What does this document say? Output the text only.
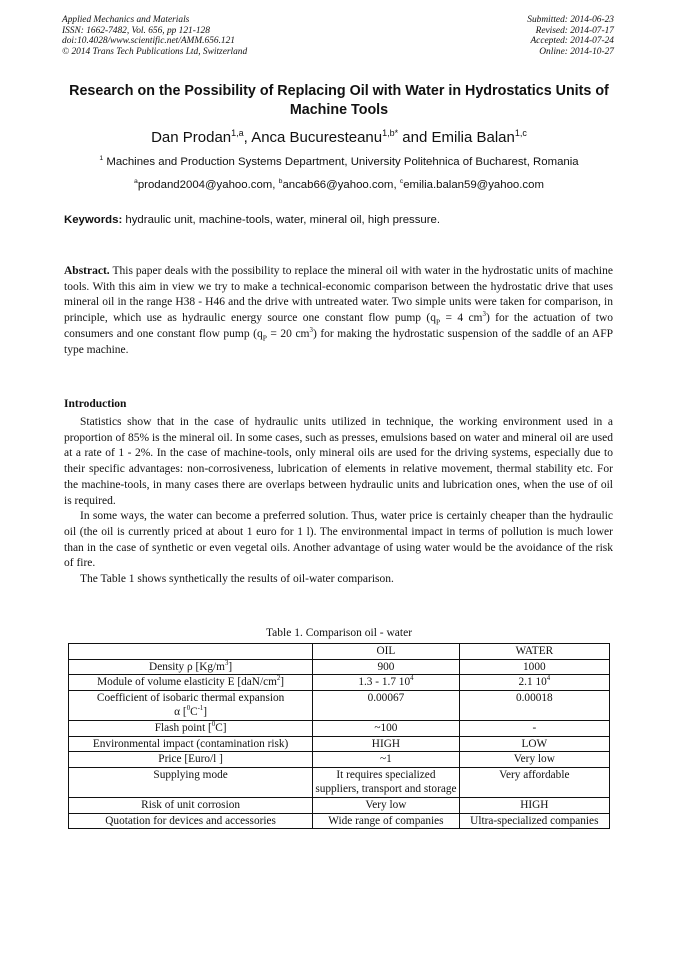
Applied Mechanics and Materials
ISSN: 1662-7482, Vol. 656, pp 121-128
doi:10.4028/www.scientific.net/AMM.656.121
© 2014 Trans Tech Publications Ltd, Switzerland
Submitted: 2014-06-23
Revised: 2014-07-17
Accepted: 2014-07-24
Online: 2014-10-27
Research on the Possibility of Replacing Oil with Water in Hydrostatics Units of Machine Tools
Dan Prodan$^{1,a}$, Anca Bucuresteanu$^{1,b*}$ and Emilia Balan$^{1,c}$
$^1$ Machines and Production Systems Department, University Politehnica of Bucharest, Romania
$^a$prodand2004@yahoo.com, $^b$ancab66@yahoo.com, $^c$emilia.balan59@yahoo.com
Keywords: hydraulic unit, machine-tools, water, mineral oil, high pressure.
Abstract. This paper deals with the possibility to replace the mineral oil with water in the hydrostatic units of machine tools. With this aim in view we try to make a technical-economic comparison between the hydrostatic drive that uses mineral oil in the range H38 - H46 and the drive with untreated water. Two simple units were taken for comparison, in principle, which use as hydraulic energy source one constant flow pump ($q_P = 4$ $cm^3$) for the actuation of two consumers and one constant flow pump ($q_P = 20$ $cm^3$) for making the hydrostatic suspension of the saddle of an AFP type machine.
Introduction

Statistics show that in the case of hydraulic units utilized in technique, the working environment used in a proportion of 85% is the mineral oil. In some cases, such as presses, emulsions based on water and mineral oil are used at a rate of 1 - 2%. In the case of machine-tools, only mineral oils are used for the driving systems, especially due to their specific advantages: non-corrosiveness, lubrication of elements in relative movement, thermal stability etc. For the machine-tools, in many cases there are overlaps between hydraulic units and lubrication ones, when the use of oil is required.

In some ways, the water can become a preferred solution. Thus, water price is certainly cheaper than the hydraulic oil (the oil is currently priced at about 1 euro for 1 l). The environmental impact in terms of pollution is much lower than in the case of synthetic or even vegetal oils. Another advantage of using water would be the avoidance of the risk of fire.

The Table 1 shows synthetically the results of oil-water comparison.

Table 1. Comparison oil - water
	OIL	WATER
Density ρ $[Kg/m^3]$	900	1000
Module of volume elasticity E $[daN/cm^2]$	1.3 - 1.7 $10^4$	2.1 $10^4$
Coefficient of isobaric thermal expansion
α $[^0C^{-1}]$	0.00067	0.00018
Flash point [$^0$C]	~100	-
Environmental impact (contamination risk)	HIGH	LOW
Price [Euro/l ]	~1	Very low
Supplying mode	It requires specialized suppliers, transport and storage	Very affordable
Risk of unit corrosion	Very low	HIGH
Quotation for devices and accessories	Wide range of companies	Ultra-specialized companies
